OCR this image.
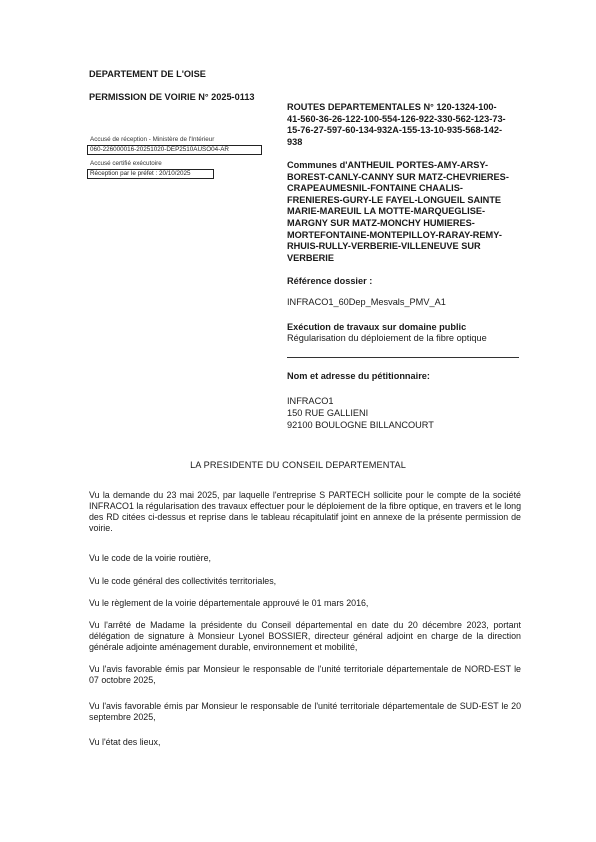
DEPARTEMENT DE L'OISE
PERMISSION DE VOIRIE N° 2025-0113
Accusé de réception - Ministère de l'Intérieur
060-226000016-20251020-DEP2510AUSO04-AR
Accusé certifié exécutoire
Réception par le préfet : 20/10/2025
ROUTES DEPARTEMENTALES N° 120-1324-100-
41-560-36-26-122-100-554-126-922-330-562-123-73-
15-76-27-597-60-134-932A-155-13-10-935-568-142-
938
Communes d'ANTHEUIL PORTES-AMY-ARSY-
BOREST-CANLY-CANNY SUR MATZ-CHEVRIERES-
CRAPEAUMESNIL-FONTAINE CHAALIS-
FRENIERES-GURY-LE FAYEL-LONGUEIL SAINTE
MARIE-MAREUIL LA MOTTE-MARQUEGLISE-
MARGNY SUR MATZ-MONCHY HUMIERES-
MORTEFONTAINE-MONTEPILLOY-RARAY-REMY-
RHUIS-RULLY-VERBERIE-VILLENEUVE SUR
VERBERIE
Référence dossier :
INFRACO1_60Dep_Mesvals_PMV_A1
Exécution de travaux sur domaine public
Régularisation du déploiement de la fibre optique
Nom et adresse du pétitionnaire:
INFRACO1
150 RUE GALLIENI
92100 BOULOGNE BILLANCOURT
LA PRESIDENTE DU CONSEIL DEPARTEMENTAL
Vu la demande du 23 mai 2025, par laquelle l'entreprise S PARTECH sollicite pour le compte de la société INFRACO1 la régularisation des travaux effectuer pour le déploiement de la fibre optique, en travers et le long des RD citées ci-dessus et reprise dans le tableau récapitulatif joint en annexe de la présente permission de voirie.
Vu le code de la voirie routière,
Vu le code général des collectivités territoriales,
Vu le règlement de la voirie départementale approuvé le 01 mars 2016,
Vu l'arrêté de Madame la présidente du Conseil départemental en date du 20 décembre 2023, portant délégation de signature à Monsieur Lyonel BOSSIER, directeur général adjoint en charge de la direction générale adjointe aménagement durable, environnement et mobilité,
Vu l'avis favorable émis par Monsieur le responsable de l'unité territoriale départementale de NORD-EST le 07 octobre 2025,
Vu l'avis favorable émis par Monsieur le responsable de l'unité territoriale départementale de SUD-EST le 20 septembre 2025,
Vu l'état des lieux,
